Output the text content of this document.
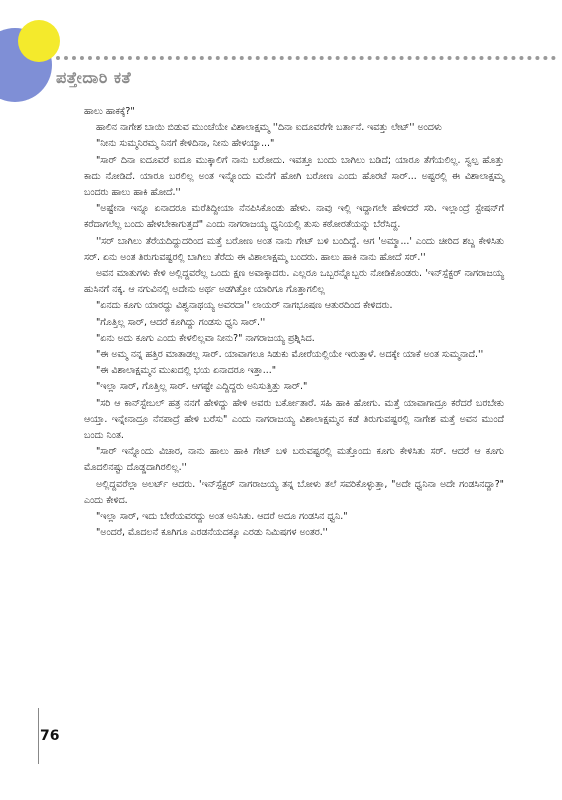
ಪತ್ತೇದಾರಿ ಕತೆ

ಹಾಲು ಹಾಕಕ್ಕೆ?"

ಹಾಲಿನ ನಾಗೇಶ ಬಾಯಿ ಬಿಡುವ ಮುಂಚೆಯೇ ವಿಶಾಲಾಕ್ಷಮ್ಮ ''ದಿನಾ ಐದೂವರೆಗೇ ಬರ್ತಾನೆ. ಇವತ್ತು ಲೇಟ್'' ಅಂದಳು

"ನೀನು ಸುಮ್ಮನಿರಮ್ಮ ನಿನಗೆ ಕೇಳಿದಿನಾ, ನೀನು ಹೇಳಯ್ಯಾ..."

"ಸಾರ್ ದಿನಾ ಐದೂವರೆ ಐದೂ ಮುಕ್ಕಾಲಿಗೆ ನಾನು ಬರೋದು. ಇವತ್ತೂ ಬಂದು ಬಾಗಿಲು ಬಡಿದೆ; ಯಾರೂ ತೆಗೆಯಲಿಲ್ಲ. ಸ್ವಲ್ಪ ಹೊತ್ತು ಕಾದು ನೋಡಿದೆ. ಯಾರೂ ಬರಲಿಲ್ಲ ಅಂತ ಇನ್ನೊಂದು ಮನೆಗೆ ಹೋಗಿ ಬರೋಣ ಎಂದು ಹೊರಟೆ ಸಾರ್... ಅಷ್ಟರಲ್ಲಿ ಈ ವಿಶಾಲಾಕ್ಷಮ್ಮ ಬಂದರು ಹಾಲು ಹಾಕಿ ಹೋದೆ.''

"ಅಷ್ಟೇನಾ ಇನ್ನೂ ಏನಾದರೂ ಮರೆತಿದ್ದೀಯಾ ನೆನಪಿಸಿಕೊಂಡು ಹೇಳು. ನಾವು ಇಲ್ಲಿ ಇದ್ದಾಗಲೇ ಹೇಳಿದರೆ ಸರಿ. ಇಲ್ಲಾಂದ್ರೆ ಸ್ಟೇಷನ್‌ಗೆ ಕರೆದಾಗಲೆಲ್ಲ ಬಂದು ಹೇಳಬೇಕಾಗುತ್ತದೆ" ಎಂದು ನಾಗರಾಜಯ್ಯ ಧ್ವನಿಯಲ್ಲಿ ತುಸು ಕಠೋರತೆಯನ್ನು ಬೆರೆಸಿದ್ದ.

''ಸರ್ ಬಾಗಿಲು ತೆರೆಯದಿದ್ದುದರಿಂದ ಮತ್ತೆ ಬರೋಣ ಅಂತ ನಾನು ಗೇಟ್ ಬಳಿ ಬಂದಿದ್ದೆ. ಆಗ 'ಅಮ್ಮಾ...' ಎಂದು ಚೀರಿದ ಶಬ್ದ ಕೇಳಿಸಿತು ಸರ್. ಏನು ಅಂತ ತಿರುಗುವಷ್ಟರಲ್ಲಿ ಬಾಗಿಲು ತೆರೆದು ಈ ವಿಶಾಲಾಕ್ಷಮ್ಮ ಬಂದರು. ಹಾಲು ಹಾಕಿ ನಾನು ಹೋದೆ ಸರ್.''

ಅವನ ಮಾತುಗಳು ಕೇಳಿ ಅಲ್ಲಿದ್ದವರೆಲ್ಲ ಒಂದು ಕ್ಷಣ ಅವಾಕ್ಕಾದರು. ಎಲ್ಲರೂ ಒಬ್ಬರನ್ನೊಬ್ಬರು ನೋಡಿಕೊಂಡರು. 'ಇನ್‌ಸ್ಪೆಕ್ಟರ್ ನಾಗರಾಜಯ್ಯ ಹುಸಿನಗೆ ನಕ್ಕ. ಆ ನಗುವಿನಲ್ಲಿ ಅದೇನು ಅರ್ಥ ಅಡಗಿತ್ತೋ ಯಾರಿಗೂ ಗೊತ್ತಾಗಲಿಲ್ಲ

"ಏನದು ಕೂಗು ಯಾರದ್ದು ವಿಶ್ವನಾಥಯ್ಯ ಅವರದಾ'' ಲಾಯರ್ ನಾಗಭೂಷಣ ಆತುರದಿಂದ ಕೇಳಿದರು.

"ಗೊತ್ತಿಲ್ಲ ಸಾರ್, ಆದರೆ ಕೂಗಿದ್ದು ಗಂಡಸು ಧ್ವನಿ ಸಾರ್.''

"ಏನು ಅದು ಕೂಗು ಎಂದು ಕೇಳಲಿಲ್ಲವಾ ನೀನು?" ನಾಗರಾಜಯ್ಯ ಪ್ರಶ್ನಿಸಿದ.

"ಈ ಅಮ್ಮ ನನ್ನ ಹತ್ತಿರ ಮಾತಾಡಲ್ಲ ಸಾರ್. ಯಾವಾಗಲೂ ಸಿಡುಕು ಮೋರೆಯಲ್ಲಿಯೇ ಇರುತ್ತಾಳೆ. ಅದಕ್ಕೇ ಯಾಕೆ ಅಂತ ಸುಮ್ಮನಾದೆ.''

"ಈ ವಿಶಾಲಾಕ್ಷಮ್ಮನ ಮುಖದಲ್ಲಿ ಭಯ ಏನಾದರೂ ಇತ್ತಾ..."

"ಇಲ್ಲಾ ಸಾರ್, ಗೊತ್ತಿಲ್ಲ ಸಾರ್. ಆಗಷ್ಟೇ ಎದ್ದಿದ್ದರು ಅನಿಸುತ್ತಿತ್ತು ಸಾರ್."

"ಸರಿ ಆ ಕಾನ್‌ಸ್ಟೇಬಲ್ ಹತ್ರ ನನಗೆ ಹೇಳಿದ್ದು ಹೇಳಿ ಅವರು ಬರ್ಕೋತಾರೆ. ಸಹಿ ಹಾಕಿ ಹೋಗು. ಮತ್ತೆ ಯಾವಾಗಾದ್ರೂ ಕರೆದರೆ ಬರಬೇಕು ಆಯ್ತಾ. ಇನ್ನೇನಾದ್ರೂ ನೆನಪಾದ್ರೆ ಹೇಳಿ ಬರೆಸು" ಎಂದು ನಾಗರಾಜಯ್ಯ ವಿಶಾಲಾಕ್ಷಮ್ಮನ ಕಡೆ ತಿರುಗುವಷ್ಟರಲ್ಲಿ ನಾಗೇಶ ಮತ್ತೆ ಅವನ ಮುಂದೆ ಬಂದು ನಿಂತ.

"ಸಾರ್ ಇನ್ನೊಂದು ವಿಚಾರ, ನಾನು ಹಾಲು ಹಾಕಿ ಗೇಟ್ ಬಳಿ ಬರುವಷ್ಟರಲ್ಲಿ ಮತ್ತೊಂದು ಕೂಗು ಕೇಳಿಸಿತು ಸರ್. ಆದರೆ ಆ ಕೂಗು ಮೊದಲಿನಷ್ಟು ದೊಡ್ಡದಾಗಿರಲಿಲ್ಲ.''

ಅಲ್ಲಿದ್ದವರೆಲ್ಲಾ ಅಲರ್ಟ್ ಆದರು. 'ಇನ್‌ಸ್ಪೆಕ್ಟರ್ ನಾಗರಾಜಯ್ಯ ತನ್ನ ಬೋಳು ತಲೆ ಸವರಿಕೊಳ್ಳುತ್ತಾ, "ಅದೇ ಧ್ವನಿನಾ ಅದೇ ಗಂಡಸಿನದ್ದಾ?" ಎಂದು ಕೇಳಿದ.

"ಇಲ್ಲಾ ಸಾರ್, ಇದು ಬೇರೆಯವರದ್ದು ಅಂತ ಅನಿಸಿತು. ಆದರೆ ಅದೂ ಗಂಡಸಿನ ಧ್ವನಿ."

"ಅಂದರೆ, ಮೊದಲನೆ ಕೂಗಿಗೂ ಎರಡನೆಯದಕ್ಕೂ ಎರಡು ನಿಮಿಷಗಳ ಅಂತರ.''

76
